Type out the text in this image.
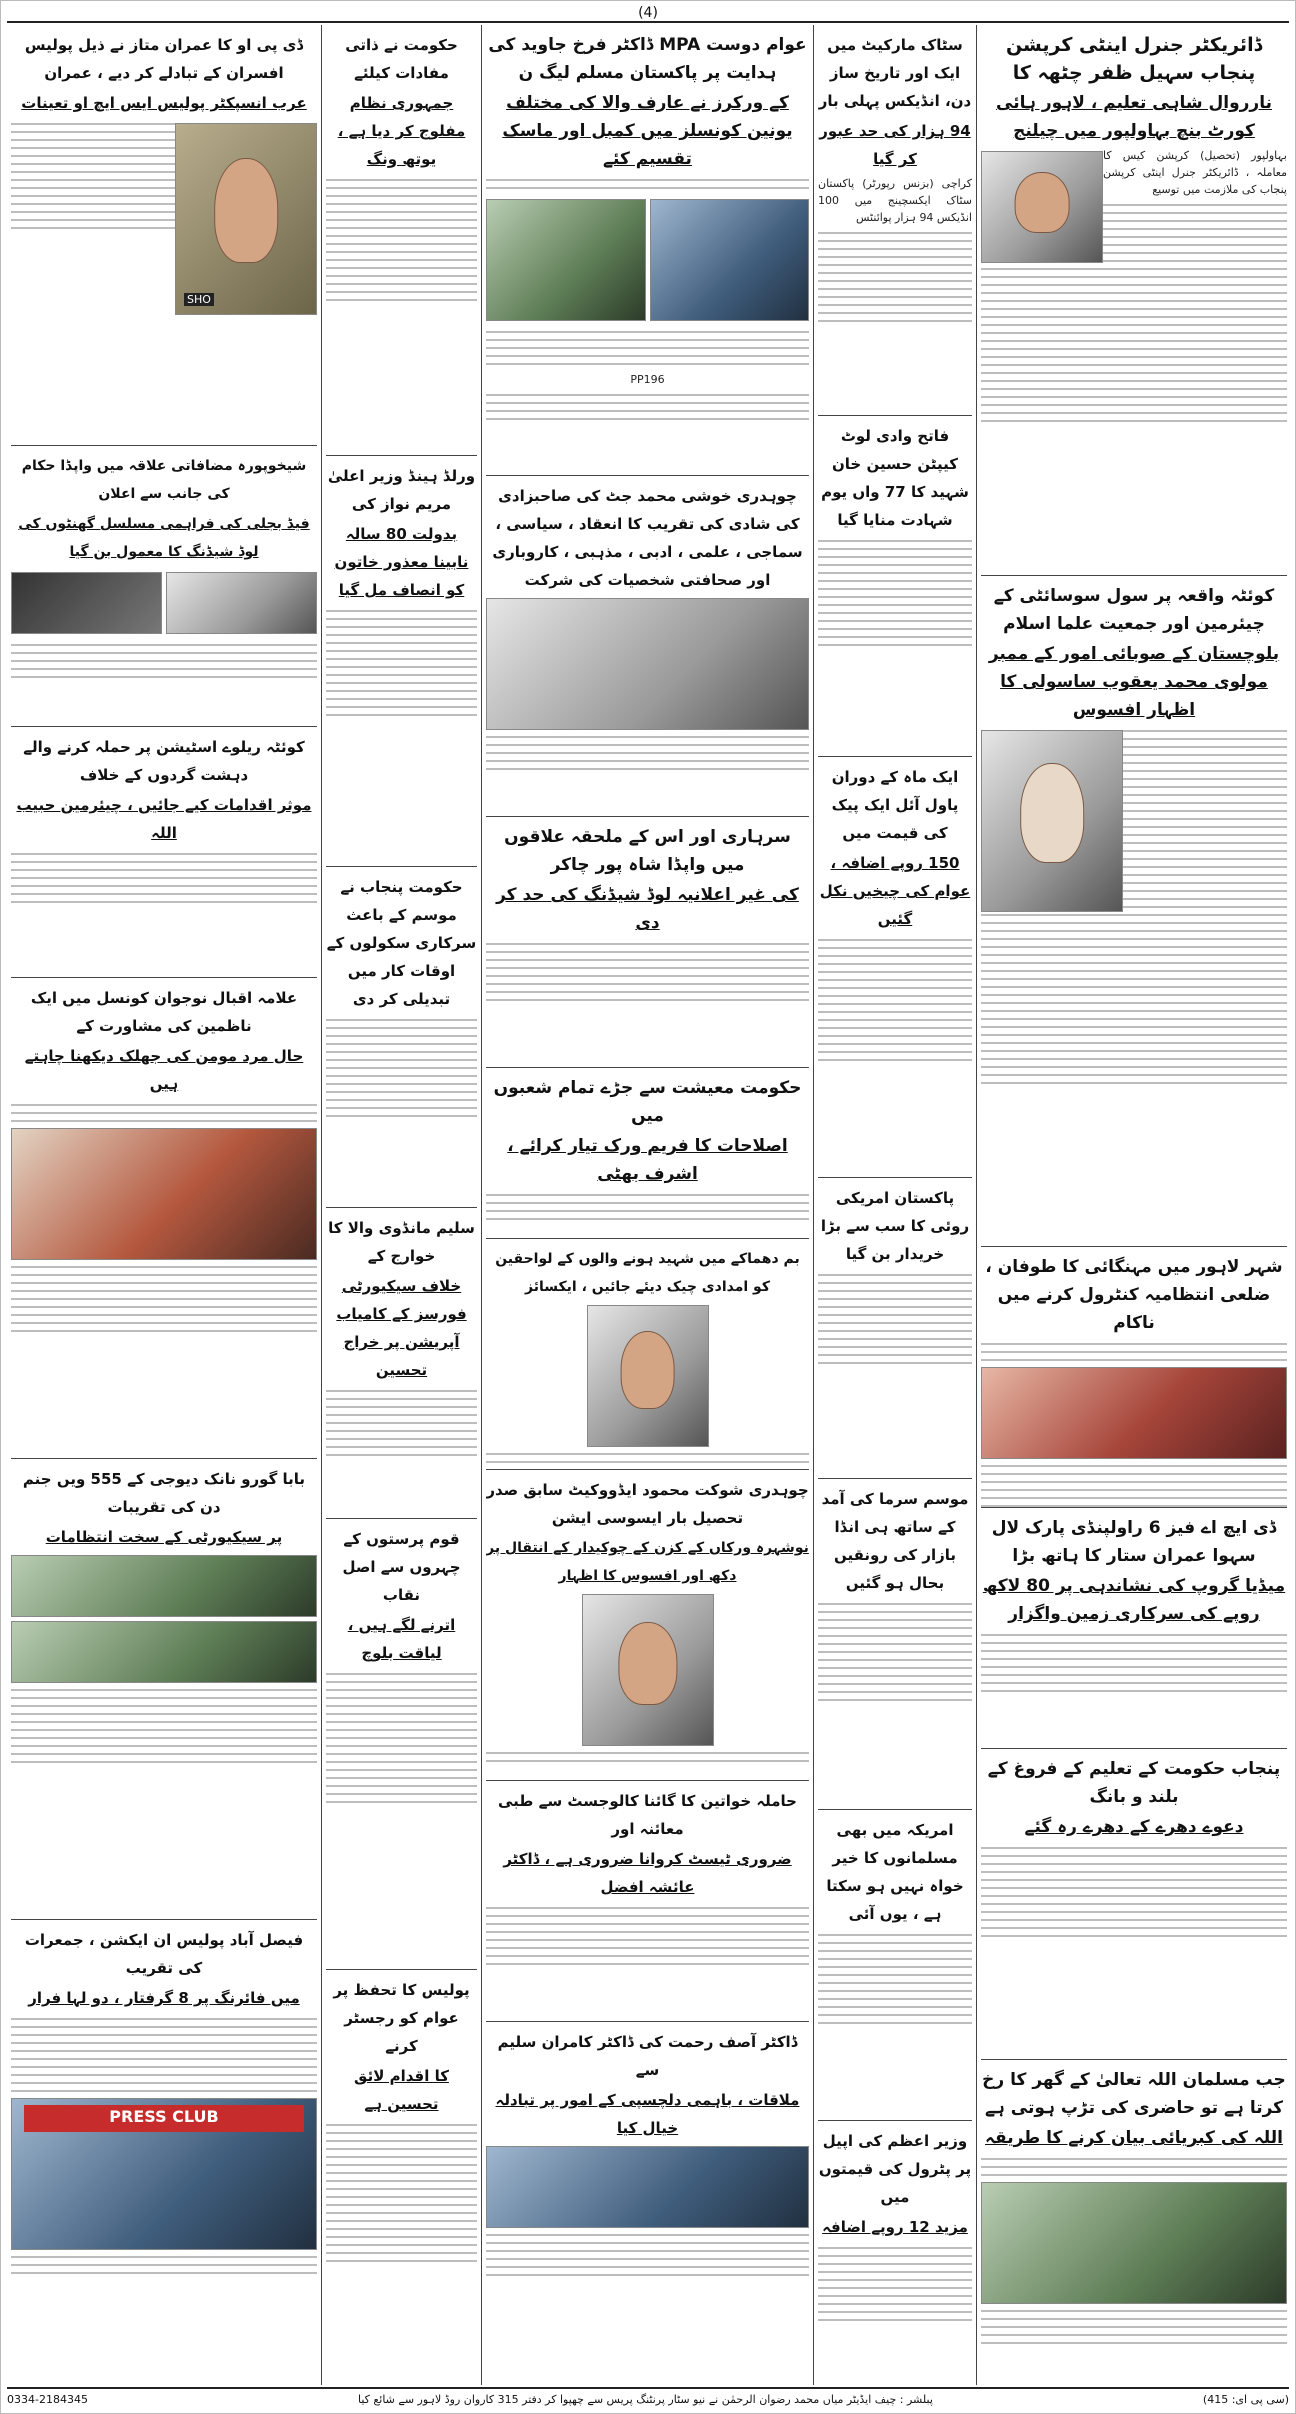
(4)
ڈائریکٹر جنرل اینٹی کرپشن پنجاب سہیل ظفر چٹھہ کا
نارروال شاہی تعلیم ، لاہور ہائی کورٹ بنچ بہاولپور میں چیلنج
بہاولپور (تحصیل) کرپشن کیس کا معاملہ ، ڈائریکٹر جنرل اینٹی کرپشن پنجاب کی ملازمت میں توسیع
کوئٹہ واقعہ پر سول سوسائٹی کے چیئرمین اور جمعیت علما اسلام
بلوچستان کے صوبائی امور کے ممبر مولوی محمد یعقوب ساسولی کا اظہار افسوس
شہر لاہور میں مہنگائی کا طوفان ، ضلعی انتظامیہ کنٹرول کرنے میں ناکام
ڈی ایچ اے فیز 6 راولپنڈی پارک لال سہوا عمران ستار کا ہاتھ بڑا
میڈیا گروپ کی نشاندہی پر 80 لاکھ روپے کی سرکاری زمین واگزار
پنجاب حکومت کے تعلیم کے فروغ کے بلند و بانگ
دعوے دھرے کے دھرے رہ گئے
جب مسلمان اللہ تعالیٰ کے گھر کا رخ کرتا ہے تو حاضری کی تڑپ ہوتی ہے
اللہ کی کبریائی بیان کرنے کا طریقہ
سٹاک مارکیٹ میں ایک اور تاریخ ساز دن، انڈیکس پہلی بار
94 ہزار کی حد عبور کر گیا
کراچی (بزنس رپورٹر) پاکستان سٹاک ایکسچینج میں 100 انڈیکس 94 ہزار پوائنٹس
فاتح وادی لوٹ کیپٹن حسین خان شہید کا 77 واں یوم شہادت منایا گیا
ایک ماہ کے دوران پاول آئل ایک پیک کی قیمت میں
150 روپے اضافہ ، عوام کی چیخیں نکل گئیں
پاکستان امریکی روئی کا سب سے بڑا خریدار بن گیا
موسم سرما کی آمد کے ساتھ ہی انڈا بازار کی رونقیں بحال ہو گئیں
امریکہ میں بھی مسلمانوں کا خیر خواہ نہیں ہو سکتا ہے ، یوں آئی
وزیر اعظم کی اپیل پر پٹرول کی قیمتوں میں
مزید 12 روپے اضافہ
عوام دوست MPA ڈاکٹر فرخ جاوید کی ہدایت پر پاکستان مسلم لیگ ن
کے ورکرز نے عارف والا کی مختلف یونین کونسلز میں کمبل اور ماسک تقسیم کئے
PP196
چوہدری خوشی محمد جٹ کی صاحبزادی کی شادی کی تقریب کا انعقاد ، سیاسی ، سماجی ، علمی ، ادبی ، مذہبی ، کاروباری اور صحافتی شخصیات کی شرکت
سرہاری اور اس کے ملحقہ علاقوں میں واپڈا شاہ پور چاکر
کی غیر اعلانیہ لوڈ شیڈنگ کی حد کر دی
حکومت معیشت سے جڑے تمام شعبوں میں
اصلاحات کا فریم ورک تیار کرائے ، اشرف بھٹی
بم دھماکے میں شہید ہونے والوں کے لواحقین کو امدادی چیک دیئے جائیں ، ایکسائز
چوہدری شوکت محمود ایڈووکیٹ سابق صدر تحصیل بار ایسوسی ایشن
نوشہرہ ورکاں کے کزن کے چوکیدار کے انتقال پر دکھ اور افسوس کا اظہار
حاملہ خواتین کا گائنا کالوجسٹ سے طبی معائنہ اور
ضروری ٹیسٹ کروانا ضروری ہے ، ڈاکٹر عائشہ افضل
ڈاکٹر آصف رحمت کی ڈاکٹر کامران سلیم سے
ملاقات ، باہمی دلچسپی کے امور پر تبادلہ خیال کیا
حکومت نے ذاتی مفادات کیلئے
جمہوری نظام مفلوج کر دیا ہے ، یوتھ ونگ
ورلڈ ہینڈ وزیر اعلیٰ مریم نواز کی
بدولت 80 سالہ نابینا معذور خاتون کو انصاف مل گیا
حکومت پنجاب نے موسم کے باعث سرکاری سکولوں کے اوقات کار میں تبدیلی کر دی
سلیم مانڈوی والا کا خوارج کے
خلاف سیکیورٹی فورسز کے کامیاب آپریشن پر خراج تحسین
قوم پرستوں کے چہروں سے اصل نقاب
اترنے لگے ہیں ، لیاقت بلوچ
پولیس کا تحفظ پر عوام کو رجسٹر کرنے
کا اقدام لائق تحسین ہے
ڈی پی او کا عمران متاز نے ذیل پولیس افسران کے تبادلے کر دیے ، عمران
عرب انسپکٹر پولیس ایس ایچ او تعینات
SHO
شیخوپورہ مضافاتی علاقہ میں واپڈا حکام کی جانب سے اعلان
فیڈ بجلی کی فراہمی مسلسل گھنٹوں کی لوڈ شیڈنگ کا معمول بن گیا
کوئٹہ ریلوے اسٹیشن پر حملہ کرنے والے دہشت گردوں کے خلاف
موثر اقدامات کیے جائیں ، چیئرمین حبیب اللہ
علامہ اقبال نوجوان کونسل میں ایک ناظمین کی مشاورت کے
حال مرد مومن کی جھلک دیکھنا چاہتے ہیں
بابا گورو نانک دیوجی کے 555 ویں جنم دن کی تقریبات
پر سیکیورٹی کے سخت انتظامات
فیصل آباد پولیس ان ایکشن ، جمعرات کی تقریب
میں فائرنگ پر 8 گرفتار ، دو لہا فرار
PRESS CLUB
(سی پی ای: 415)
پبلشر : چیف ایڈیٹر میاں محمد رضوان الرحمٰن نے نیو سٹار پرنٹنگ پریس سے چھپوا کر دفتر 315 کاروان روڈ لاہور سے شائع کیا
0334-2184345
